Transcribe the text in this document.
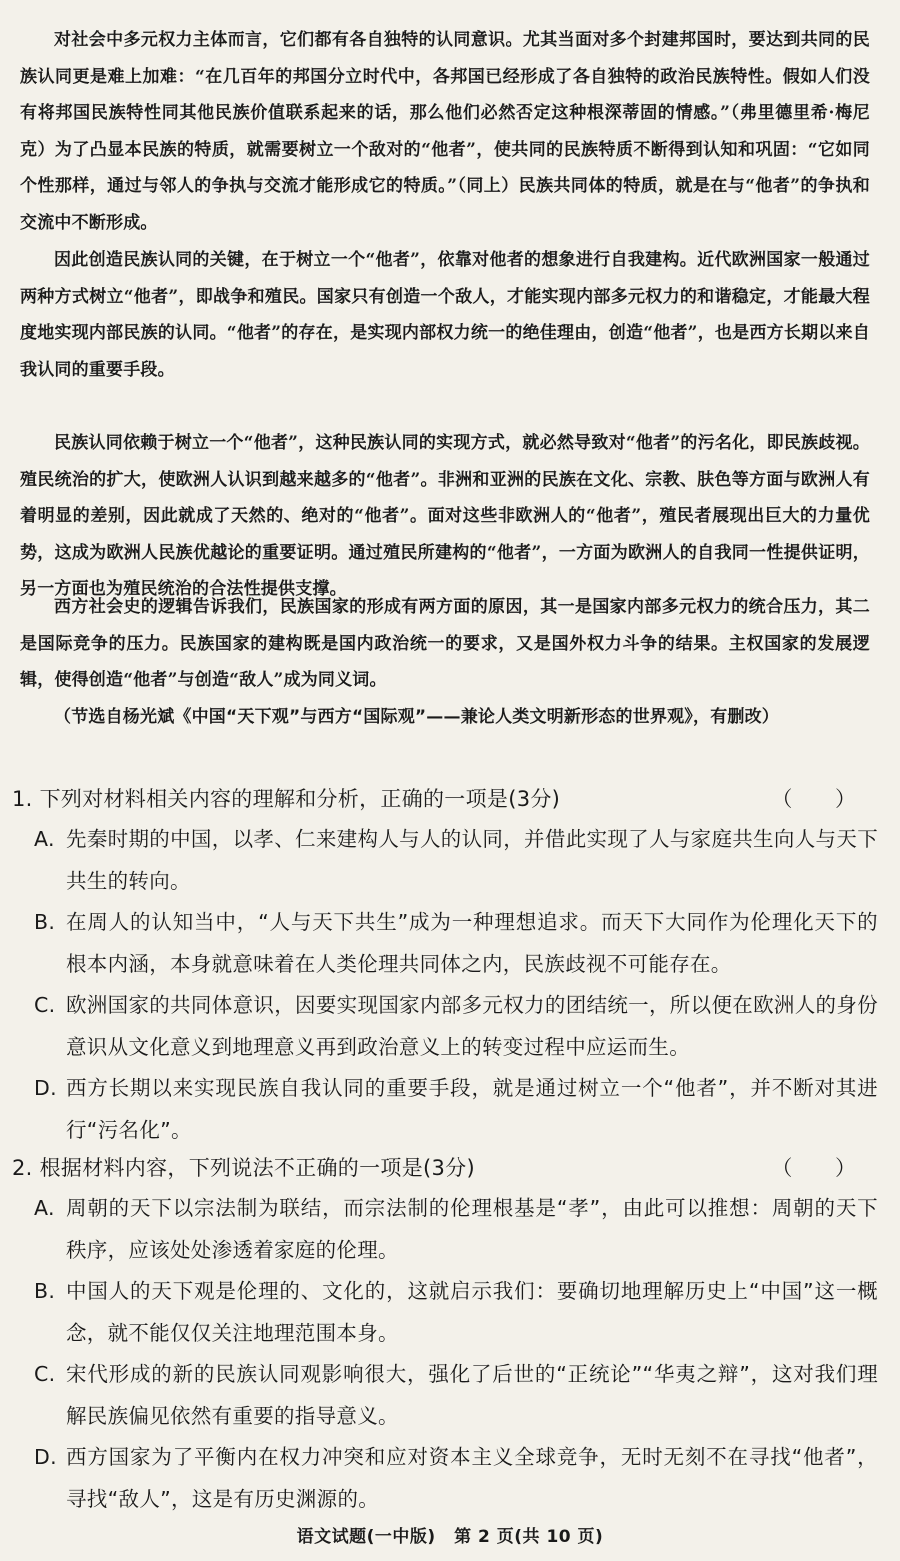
对社会中多元权力主体而言，它们都有各自独特的认同意识。尤其当面对多个封建邦国时，要达到共同的民族认同更是难上加难：“在几百年的邦国分立时代中，各邦国已经形成了各自独特的政治民族特性。假如人们没有将邦国民族特性同其他民族价值联系起来的话，那么他们必然否定这种根深蒂固的情感。”（弗里德里希·梅尼克）为了凸显本民族的特质，就需要树立一个敌对的“他者”，使共同的民族特质不断得到认知和巩固：“它如同个性那样，通过与邻人的争执与交流才能形成它的特质。”（同上）民族共同体的特质，就是在与“他者”的争执和交流中不断形成。

因此创造民族认同的关键，在于树立一个“他者”，依靠对他者的想象进行自我建构。近代欧洲国家一般通过两种方式树立“他者”，即战争和殖民。国家只有创造一个敌人，才能实现内部多元权力的和谐稳定，才能最大程度地实现内部民族的认同。“他者”的存在，是实现内部权力统一的绝佳理由，创造“他者”，也是西方长期以来自我认同的重要手段。

民族认同依赖于树立一个“他者”，这种民族认同的实现方式，就必然导致对“他者”的污名化，即民族歧视。殖民统治的扩大，使欧洲人认识到越来越多的“他者”。非洲和亚洲的民族在文化、宗教、肤色等方面与欧洲人有着明显的差别，因此就成了天然的、绝对的“他者”。面对这些非欧洲人的“他者”，殖民者展现出巨大的力量优势，这成为欧洲人民族优越论的重要证明。通过殖民所建构的“他者”，一方面为欧洲人的自我同一性提供证明，另一方面也为殖民统治的合法性提供支撑。

西方社会史的逻辑告诉我们，民族国家的形成有两方面的原因，其一是国家内部多元权力的统合压力，其二是国际竞争的压力。民族国家的建构既是国内政治统一的要求，又是国外权力斗争的结果。主权国家的发展逻辑，使得创造“他者”与创造“敌人”成为同义词。

（节选自杨光斌《中国“天下观”与西方“国际观”——兼论人类文明新形态的世界观》，有删改）

1. 下列对材料相关内容的理解和分析，正确的一项是(3分)	（ ）

A. 先秦时期的中国，以孝、仁来建构人与人的认同，并借此实现了人与家庭共生向人与天下共生的转向。

B. 在周人的认知当中，“人与天下共生”成为一种理想追求。而天下大同作为伦理化天下的根本内涵，本身就意味着在人类伦理共同体之内，民族歧视不可能存在。

C. 欧洲国家的共同体意识，因要实现国家内部多元权力的团结统一，所以便在欧洲人的身份意识从文化意义到地理意义再到政治意义上的转变过程中应运而生。

D. 西方长期以来实现民族自我认同的重要手段，就是通过树立一个“他者”，并不断对其进行“污名化”。

2. 根据材料内容，下列说法不正确的一项是(3分)	（ ）

A. 周朝的天下以宗法制为联结，而宗法制的伦理根基是“孝”，由此可以推想：周朝的天下秩序，应该处处渗透着家庭的伦理。

B. 中国人的天下观是伦理的、文化的，这就启示我们：要确切地理解历史上“中国”这一概念，就不能仅仅关注地理范围本身。

C. 宋代形成的新的民族认同观影响很大，强化了后世的“正统论”“华夷之辩”，这对我们理解民族偏见依然有重要的指导意义。

D. 西方国家为了平衡内在权力冲突和应对资本主义全球竞争，无时无刻不在寻找“他者”，寻找“敌人”，这是有历史渊源的。

语文试题(一中版) 第 2 页(共 10 页)
